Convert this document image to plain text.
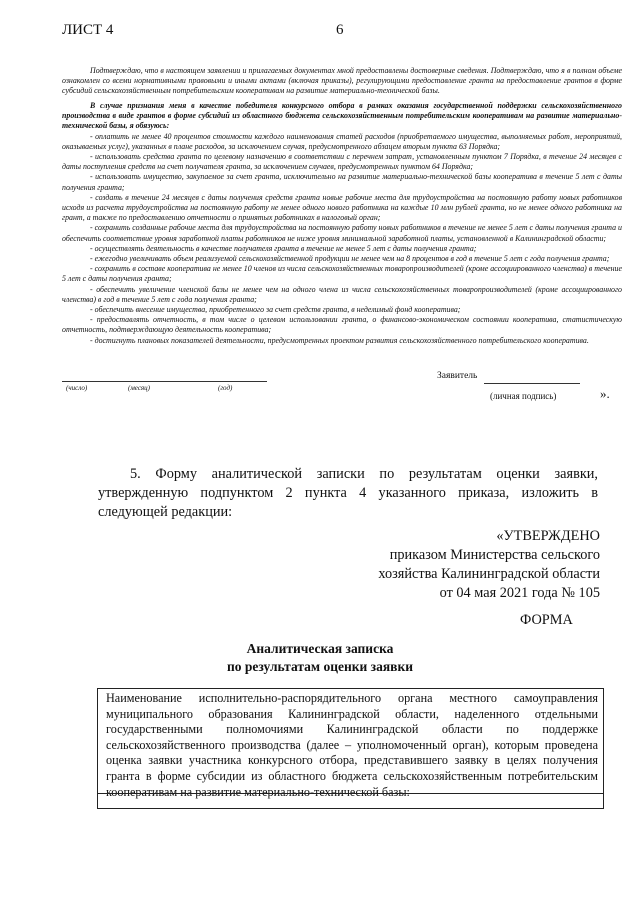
ЛИСТ 4	6

Подтверждаю, что в настоящем заявлении и прилагаемых документах мной предоставлены достоверные сведения. Подтверждаю, что я в полном объеме ознакомлен со всеми нормативными правовыми и иными актами (включая приказы), регулирующими предоставление гранта на предоставление грантов в форме субсидий сельскохозяйственным потребительским кооперативам на развитие материально-технической базы.

В случае признания меня в качестве победителя конкурсного отбора в рамках оказания государственной поддержки сельскохозяйственного производства в виде грантов в форме субсидий из областного бюджета сельскохозяйственным потребительским кооперативам на развитие материально-технической базы, я обязуюсь:

- оплатить не менее 40 процентов стоимости каждого наименования статей расходов (приобретаемого имущества, выполняемых работ, мероприятий, оказываемых услуг), указанных в плане расходов, за исключением случая, предусмотренного абзацем вторым пункта 63 Порядка;

- использовать средства гранта по целевому назначению в соответствии с перечнем затрат, установленным пунктом 7 Порядка, в течение 24 месяцев с даты поступления средств на счет получателя гранта, за исключением случаев, предусмотренных пунктом 64 Порядка;

- использовать имущество, закупаемое за счет гранта, исключительно на развитие материально-технической базы кооператива в течение 5 лет с даты получения гранта;

- создать в течение 24 месяцев с даты получения средств гранта новые рабочие места для трудоустройства на постоянную работу новых работников исходя из расчета трудоустройства на постоянную работу не менее одного нового работника на каждые 10 млн рублей гранта, но не менее одного работника на грант, а также по предоставлению отчетности о принятых работниках в налоговый орган;

- сохранить созданные рабочие места для трудоустройства на постоянную работу новых работников в течение не менее 5 лет с даты получения гранта и обеспечить соответствие уровня заработной платы работников не ниже уровня минимальной заработной платы, установленной в Калининградской области;

- осуществлять деятельность в качестве получателя гранта в течение не менее 5 лет с даты получения гранта;

- ежегодно увеличивать объем реализуемой сельскохозяйственной продукции не менее чем на 8 процентов в год в течение 5 лет с года получения гранта;

- сохранить в составе кооператива не менее 10 членов из числа сельскохозяйственных товаропроизводителей (кроме ассоциированного членства) в течение 5 лет с даты получения гранта;

- обеспечить увеличение членской базы не менее чем на одного члена из числа сельскохозяйственных товаропроизводителей (кроме ассоциированного членства) в год в течение 5 лет с года получения гранта;

- обеспечить внесение имущества, приобретенного за счет средств гранта, в неделимый фонд кооператива;

- предоставлять отчетность, в том числе о целевом использовании гранта, о финансово-экономическом состоянии кооператива, статистическую отчетность, подтверждающую деятельность кооператива;

- достигнуть плановых показателей деятельности, предусмотренных проектом развития сельскохозяйственного потребительского кооператива.

(число)	(месяц)	(год)
Заявитель
(личная подпись)	».

5. Форму аналитической записки по результатам оценки заявки, утвержденную подпунктом 2 пункта 4 указанного приказа, изложить в следующей редакции:

«УТВЕРЖДЕНО
приказом Министерства сельского
хозяйства Калининградской области
от 04 мая 2021 года № 105
ФОРМА
Аналитическая записка
по результатам оценки заявки

Наименование исполнительно-распорядительного органа местного самоуправления муниципального образования Калининградской области, наделенного отдельными государственными полномочиями Калининградской области по поддержке сельскохозяйственного производства (далее – уполномоченный орган), которым проведена оценка заявки участника конкурсного отбора, представившего заявку в целях получения гранта в форме субсидии из областного бюджета сельскохозяйственным потребительским кооперативам на развитие материально-технической базы:
